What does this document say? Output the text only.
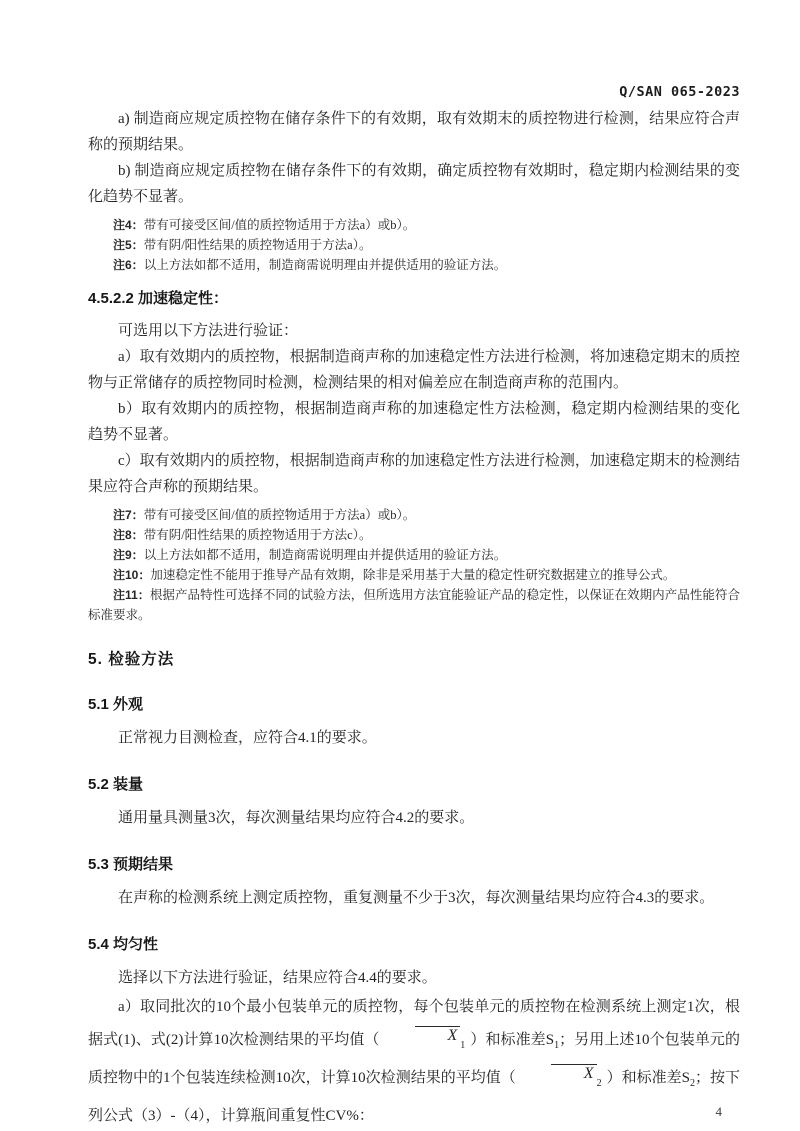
Q/SAN 065-2023

a) 制造商应规定质控物在储存条件下的有效期，取有效期末的质控物进行检测，结果应符合声称的预期结果。

b) 制造商应规定质控物在储存条件下的有效期，确定质控物有效期时，稳定期内检测结果的变化趋势不显著。

注4：带有可接受区间/值的质控物适用于方法a）或b）。

注5：带有阴/阳性结果的质控物适用于方法a）。

注6：以上方法如都不适用，制造商需说明理由并提供适用的验证方法。

4.5.2.2 加速稳定性：

可选用以下方法进行验证：

a）取有效期内的质控物，根据制造商声称的加速稳定性方法进行检测，将加速稳定期末的质控物与正常储存的质控物同时检测，检测结果的相对偏差应在制造商声称的范围内。

b）取有效期内的质控物，根据制造商声称的加速稳定性方法检测，稳定期内检测结果的变化趋势不显著。

c）取有效期内的质控物，根据制造商声称的加速稳定性方法进行检测，加速稳定期末的检测结果应符合声称的预期结果。

注7：带有可接受区间/值的质控物适用于方法a）或b）。

注8：带有阴/阳性结果的质控物适用于方法c）。

注9：以上方法如都不适用，制造商需说明理由并提供适用的验证方法。

注10：加速稳定性不能用于推导产品有效期，除非是采用基于大量的稳定性研究数据建立的推导公式。

注11：根据产品特性可选择不同的试验方法，但所选用方法宜能验证产品的稳定性，以保证在效期内产品性能符合标准要求。

5. 检验方法
5.1 外观

正常视力目测检查，应符合4.1的要求。

5.2 装量

通用量具测量3次，每次测量结果均应符合4.2的要求。

5.3 预期结果

在声称的检测系统上测定质控物，重复测量不少于3次，每次测量结果均应符合4.3的要求。

5.4 均匀性

选择以下方法进行验证，结果应符合4.4的要求。

a）取同批次的10个最小包装单元的质控物，每个包装单元的质控物在检测系统上测定1次，根据式(1)、式(2)计算10次检测结果的平均值（	$X_1$ ）和标准差$S_1$；另用上述10个包装单元的质控物中的1个包装连续检测10次，计算10次检测结果的平均值（	$X_2$ ）和标准差$S_2$；按下列公式（3）-（4），计算瓶间重复性CV%：	4
